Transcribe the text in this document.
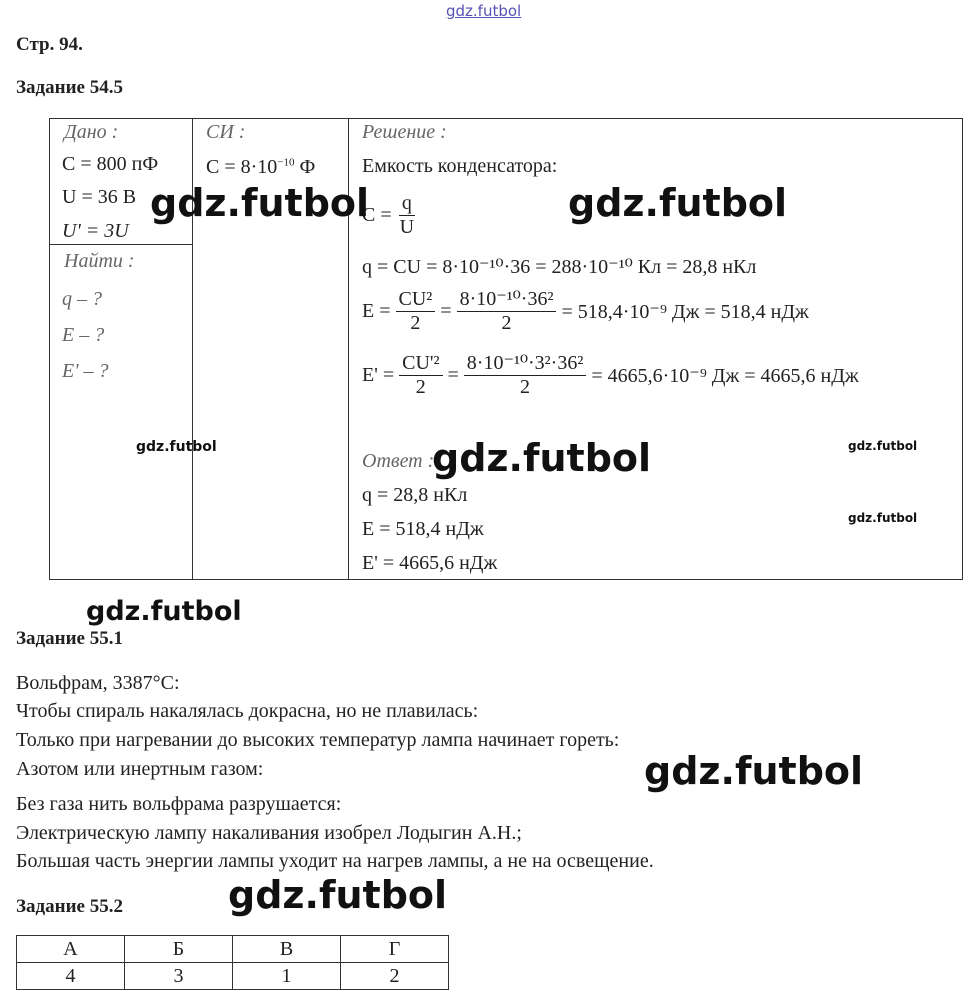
gdz.futbol
Стр. 94.
Задание 54.5
Дано :
C = 800 пФ
U = 36 В
U' = 3U
Найти :
q – ?
E – ?
E' – ?
СИ :
$C = 8\cdot 10^{-10}$ Ф
Решение :
Емкость конденсатора:
$C = \frac{q}{U}$
q = CU = 8·10⁻¹⁰·36 = 288·10⁻¹⁰ Кл = 28,8 нКл
$E = \frac{\text{CU²}}{2} = \frac{\text{8·10⁻¹⁰·36²}}{2} = 518,4\cdot 10^{-9}$ Дж = 518,4 нДж
$E' = \frac{\text{CU'²}}{2} = \frac{\text{8·10⁻¹⁰·3²·36²}}{2} = 4665,6\cdot 10^{-9}$ Дж = 4665,6 нДж
Ответ :
q = 28,8 нКл
E = 518,4 нДж
E' = 4665,6 нДж
gdz.futbol	gdz.futbol
gdz.futbol	gdz.futbol	gdz.futbol
gdz.futbol
gdz.futbol
Задание 55.1
Вольфрам, 3387°С:
Чтобы спираль накалялась докрасна, но не плавилась:
Только при нагревании до высоких температур лампа начинает гореть:
Азотом или инертным газом:
Без газа нить вольфрама разрушается:
Электрическую лампу накаливания изобрел Лодыгин А.Н.;
Большая часть энергии лампы уходит на нагрев лампы, а не на освещение.
gdz.futbol
Задание 55.2	gdz.futbol
А	Б	В	Г
4	3	1	2
